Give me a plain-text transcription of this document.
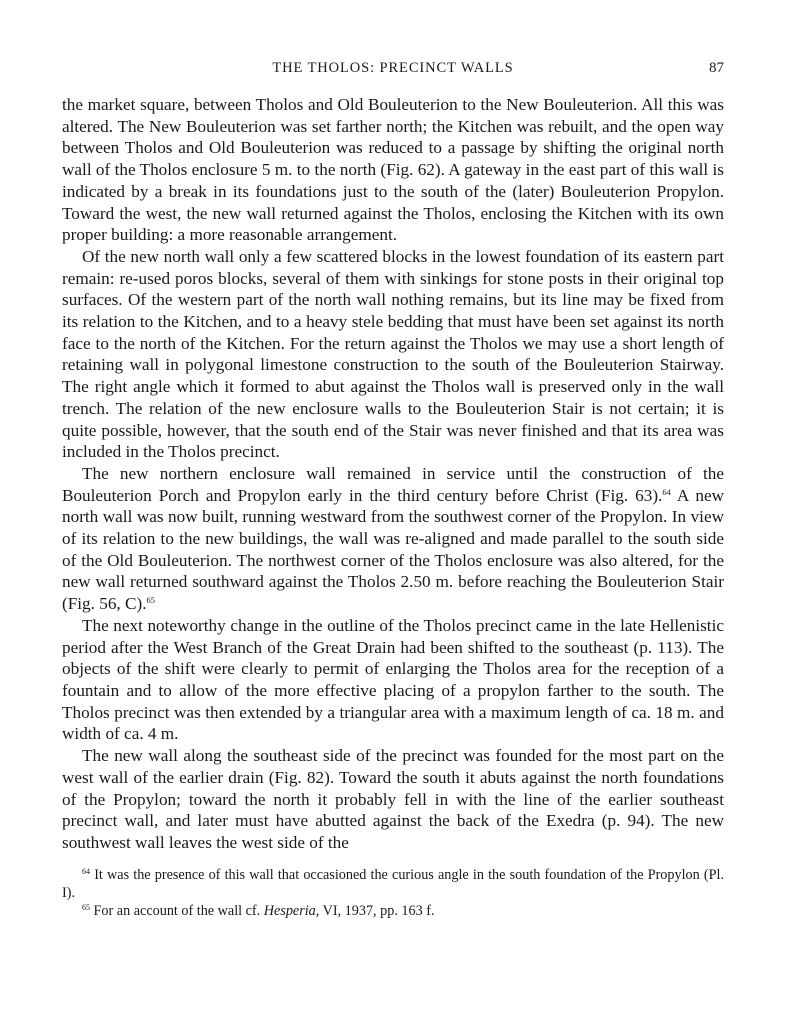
THE THOLOS: PRECINCT WALLS	87

the market square, between Tholos and Old Bouleuterion to the New Bouleuterion. All this was altered. The New Bouleuterion was set farther north; the Kitchen was rebuilt, and the open way between Tholos and Old Bouleuterion was reduced to a passage by shifting the original north wall of the Tholos enclosure 5 m. to the north (Fig. 62). A gateway in the east part of this wall is indicated by a break in its foundations just to the south of the (later) Bouleuterion Propylon. Toward the west, the new wall returned against the Tholos, enclosing the Kitchen with its own proper building: a more reasonable arrangement.

Of the new north wall only a few scattered blocks in the lowest foundation of its eastern part remain: re-used poros blocks, several of them with sinkings for stone posts in their original top surfaces. Of the western part of the north wall nothing remains, but its line may be fixed from its relation to the Kitchen, and to a heavy stele bedding that must have been set against its north face to the north of the Kitchen. For the return against the Tholos we may use a short length of retaining wall in polygonal limestone construction to the south of the Bouleuterion Stairway. The right angle which it formed to abut against the Tholos wall is preserved only in the wall trench. The relation of the new enclosure walls to the Bouleuterion Stair is not certain; it is quite possible, however, that the south end of the Stair was never finished and that its area was included in the Tholos precinct.

The new northern enclosure wall remained in service until the construction of the Bouleuterion Porch and Propylon early in the third century before Christ (Fig. 63).$^{64}$ A new north wall was now built, running westward from the southwest corner of the Propylon. In view of its relation to the new buildings, the wall was re-aligned and made parallel to the south side of the Old Bouleuterion. The northwest corner of the Tholos enclosure was also altered, for the new wall returned southward against the Tholos 2.50 m. before reaching the Bouleuterion Stair (Fig. 56, C).$^{65}$

The next noteworthy change in the outline of the Tholos precinct came in the late Hellenistic period after the West Branch of the Great Drain had been shifted to the southeast (p. 113). The objects of the shift were clearly to permit of enlarging the Tholos area for the reception of a fountain and to allow of the more effective placing of a propylon farther to the south. The Tholos precinct was then extended by a triangular area with a maximum length of ca. 18 m. and width of ca. 4 m.

The new wall along the southeast side of the precinct was founded for the most part on the west wall of the earlier drain (Fig. 82). Toward the south it abuts against the north foundations of the Propylon; toward the north it probably fell in with the line of the earlier southeast precinct wall, and later must have abutted against the back of the Exedra (p. 94). The new southwest wall leaves the west side of the

$^{64}$ It was the presence of this wall that occasioned the curious angle in the south foundation of the Propylon (Pl. I).

$^{65}$ For an account of the wall cf. Hesperia, VI, 1937, pp. 163 f.
